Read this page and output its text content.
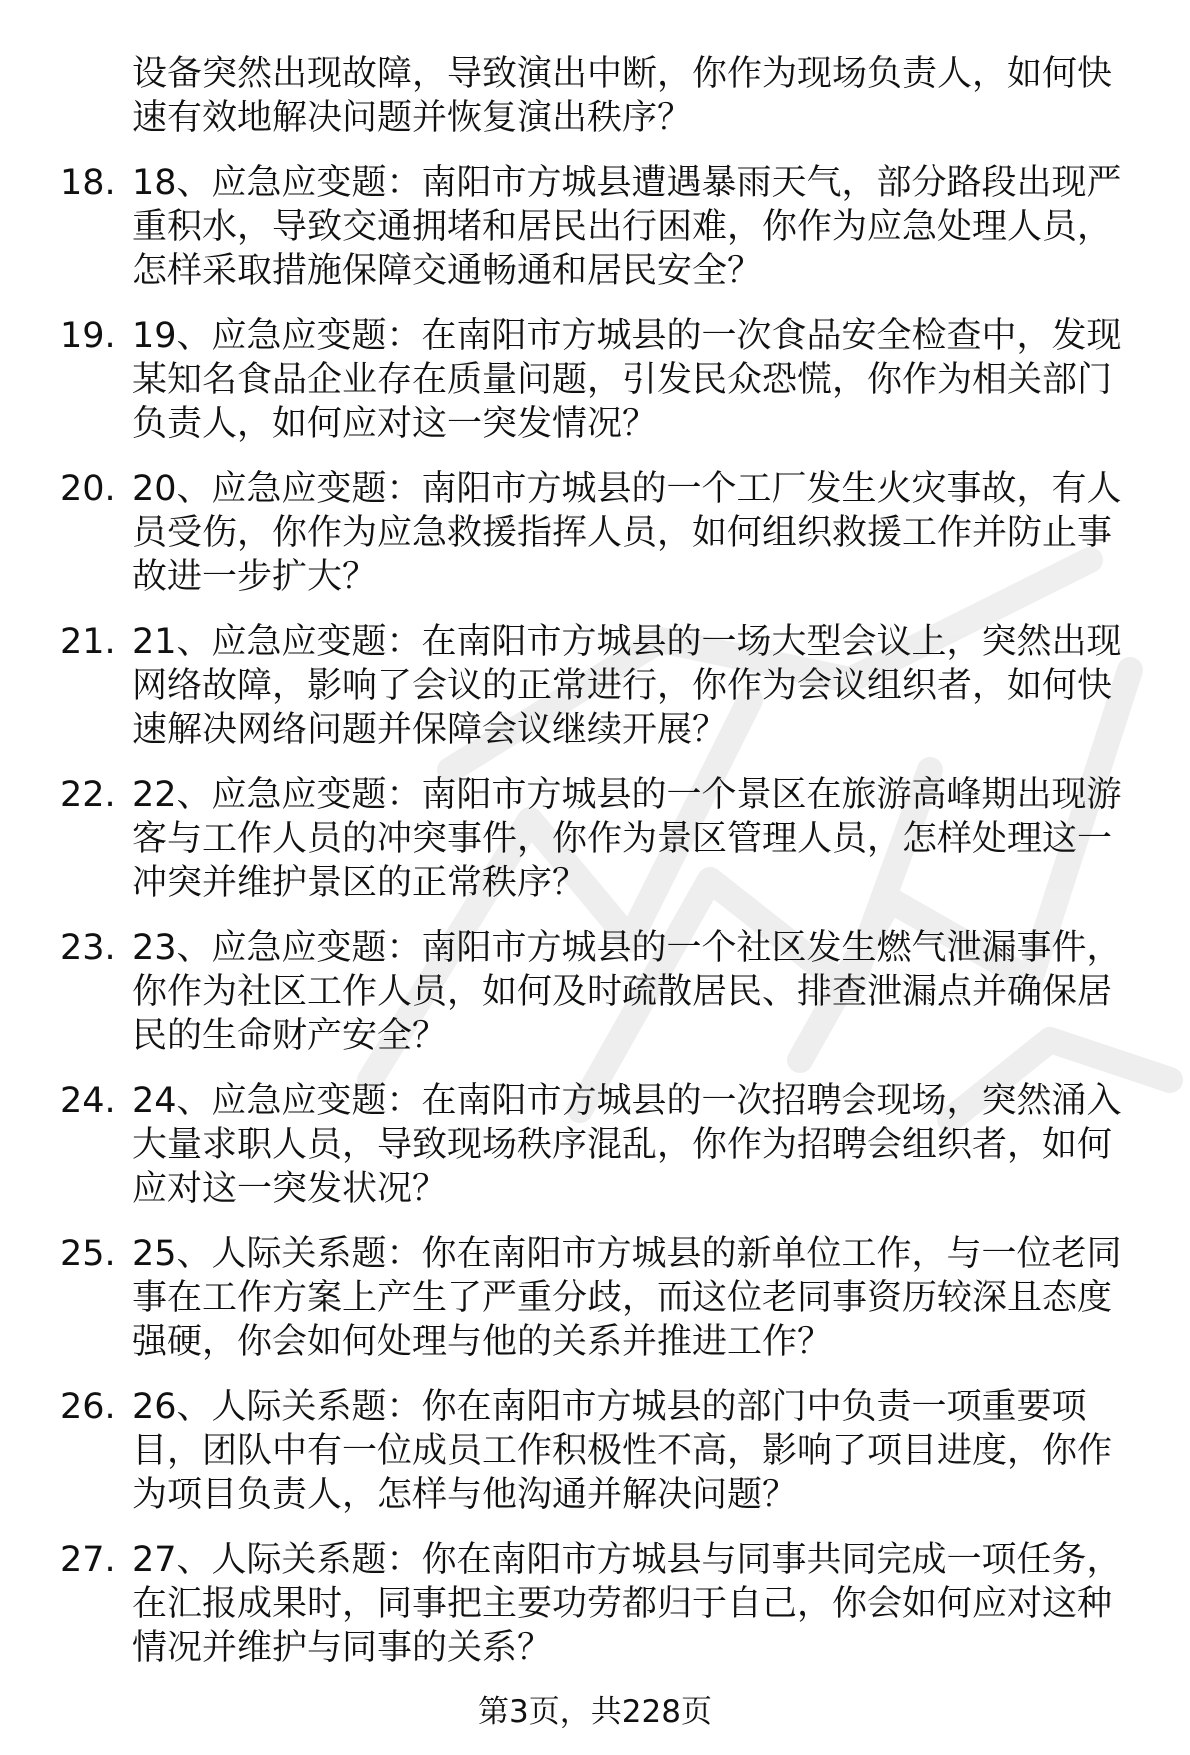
设备突然出现故障，导致演出中断，你作为现场负责人，如何快速有效地解决问题并恢复演出秩序？

18. 18、应急应变题：南阳市方城县遭遇暴雨天气，部分路段出现严重积水，导致交通拥堵和居民出行困难，你作为应急处理人员，怎样采取措施保障交通畅通和居民安全？
19. 19、应急应变题：在南阳市方城县的一次食品安全检查中，发现某知名食品企业存在质量问题，引发民众恐慌，你作为相关部门负责人，如何应对这一突发情况？
20. 20、应急应变题：南阳市方城县的一个工厂发生火灾事故，有人员受伤，你作为应急救援指挥人员，如何组织救援工作并防止事故进一步扩大？
21. 21、应急应变题：在南阳市方城县的一场大型会议上，突然出现网络故障，影响了会议的正常进行，你作为会议组织者，如何快速解决网络问题并保障会议继续开展？
22. 22、应急应变题：南阳市方城县的一个景区在旅游高峰期出现游客与工作人员的冲突事件，你作为景区管理人员，怎样处理这一冲突并维护景区的正常秩序？
23. 23、应急应变题：南阳市方城县的一个社区发生燃气泄漏事件，你作为社区工作人员，如何及时疏散居民、排查泄漏点并确保居民的生命财产安全？
24. 24、应急应变题：在南阳市方城县的一次招聘会现场，突然涌入大量求职人员，导致现场秩序混乱，你作为招聘会组织者，如何应对这一突发状况？
25. 25、人际关系题：你在南阳市方城县的新单位工作，与一位老同事在工作方案上产生了严重分歧，而这位老同事资历较深且态度强硬，你会如何处理与他的关系并推进工作？
26. 26、人际关系题：你在南阳市方城县的部门中负责一项重要项目，团队中有一位成员工作积极性不高，影响了项目进度，你作为项目负责人，怎样与他沟通并解决问题？
27. 27、人际关系题：你在南阳市方城县与同事共同完成一项任务，在汇报成果时，同事把主要功劳都归于自己，你会如何应对这种情况并维护与同事的关系？
第3页，共228页
